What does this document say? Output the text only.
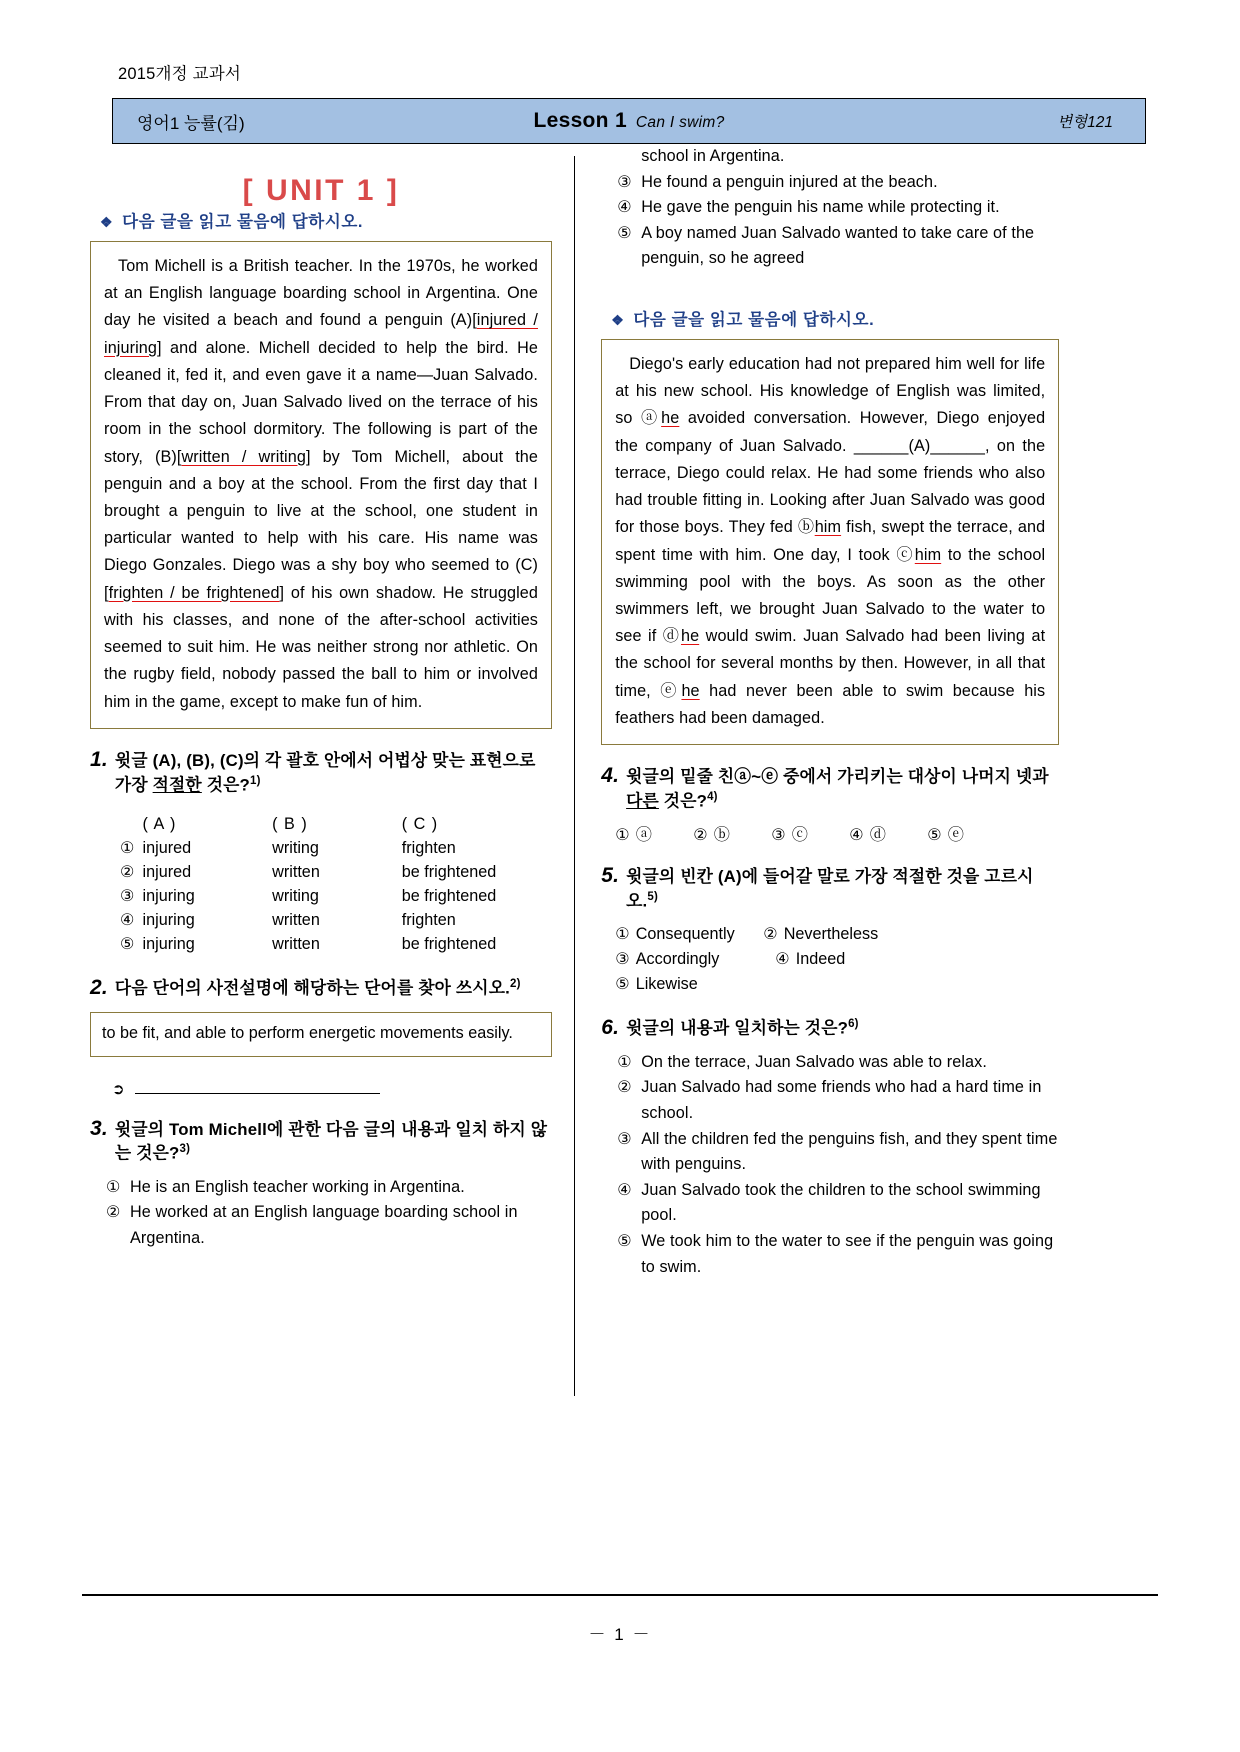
2015개정 교과서
영어1 능률(김)	Lesson 1 Can I swim?	변형121
[ UNIT 1 ]
❖ 다음 글을 읽고 물음에 답하시오.

Tom Michell is a British teacher. In the 1970s, he worked at an English language boarding school in Argentina. One day he visited a beach and found a penguin (A)[injured / injuring] and alone. Michell decided to help the bird. He cleaned it, fed it, and even gave it a name—Juan Salvado. From that day on, Juan Salvado lived on the terrace of his room in the school dormitory. The following is part of the story, (B)[written / writing] by Tom Michell, about the penguin and a boy at the school. From the first day that I brought a penguin to live at the school, one student in particular wanted to help with his care. His name was Diego Gonzales. Diego was a shy boy who seemed to (C)[frighten / be frightened] of his own shadow. He struggled with his classes, and none of the after-school activities seemed to suit him. He was neither strong nor athletic. On the rugby field, nobody passed the ball to him or involved him in the game, except to make fun of him.

1. 윗글 (A), (B), (C)의 각 괄호 안에서 어법상 맞는 표현으로 가장 적절한 것은?$^{1)}$
( A )	( B )	( C )
① injured	writing	frighten
② injured	written	be frightened
③ injuring	writing	be frightened
④ injuring	written	frighten
⑤ injuring	written	be frightened
2. 다음 단어의 사전설명에 해당하는 단어를 찾아 쓰시오.$^{2)}$
to be fit, and able to perform energetic movements easily.
➲
3. 윗글의 Tom Michell에 관한 다음 글의 내용과 일치 하지 않는 것은?$^{3)}$
① He is an English teacher working in Argentina.
② He worked at an English language boarding school in Argentina.
school in Argentina.
③ He found a penguin injured at the beach.
④ He gave the penguin his name while protecting it.
⑤ A boy named Juan Salvado wanted to take care of the penguin, so he agreed
❖ 다음 글을 읽고 물음에 답하시오.

Diego's early education had not prepared him well for life at his new school. His knowledge of English was limited, so ⓐhe avoided conversation. However, Diego enjoyed the company of Juan Salvado. ______(A)______, on the terrace, Diego could relax. He had some friends who also had trouble fitting in. Looking after Juan Salvado was good for those boys. They fed ⓑhim fish, swept the terrace, and spent time with him. One day, I took ⓒhim to the school swimming pool with the boys. As soon as the other swimmers left, we brought Juan Salvado to the water to see if ⓓhe would swim. Juan Salvado had been living at the school for several months by then. However, in all that time, ⓔhe had never been able to swim because his feathers had been damaged.

4. 윗글의 밑줄 친ⓐ~ⓔ 중에서 가리키는 대상이 나머지 넷과 다른 것은?$^{4)}$
① ⓐ	② ⓑ	③ ⓒ	④ ⓓ	⑤ ⓔ
5. 윗글의 빈칸 (A)에 들어갈 말로 가장 적절한 것을 고르시오.$^{5)}$
① Consequently ② Nevertheless
③ Accordingly	④ Indeed
⑤ Likewise
6. 윗글의 내용과 일치하는 것은?$^{6)}$
① On the terrace, Juan Salvado was able to relax.
② Juan Salvado had some friends who had a hard time in school.
③ All the children fed the penguins fish, and they spent time with penguins.
④ Juan Salvado took the children to the school swimming pool.
⑤ We took him to the water to see if the penguin was going to swim.
－ 1 －
